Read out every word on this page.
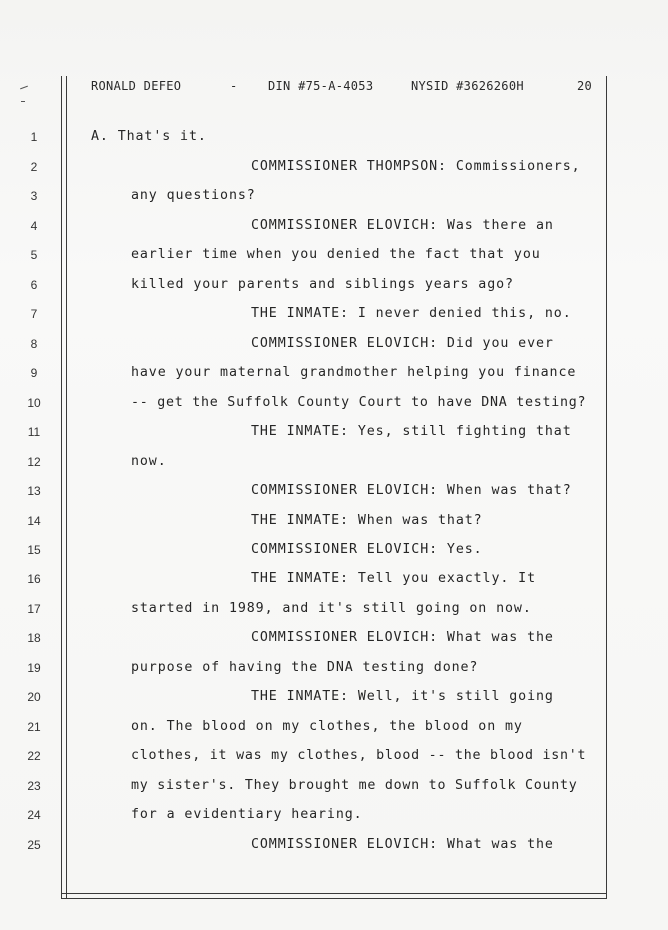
RONALD DEFEO	-	DIN #75-A-4053	NYSID #3626260H	20
1
2
3
4
5
6
7
8
9
10
11
12
13
14
15
16
17
18
19
20
21
22
23
24
25
A. That's it.
COMMISSIONER THOMPSON: Commissioners,
any questions?
COMMISSIONER ELOVICH: Was there an
earlier time when you denied the fact that you
killed your parents and siblings years ago?
THE INMATE: I never denied this, no.
COMMISSIONER ELOVICH: Did you ever
have your maternal grandmother helping you finance
-- get the Suffolk County Court to have DNA testing?
THE INMATE: Yes, still fighting that
now.
COMMISSIONER ELOVICH: When was that?
THE INMATE: When was that?
COMMISSIONER ELOVICH: Yes.
THE INMATE: Tell you exactly. It
started in 1989, and it's still going on now.
COMMISSIONER ELOVICH: What was the
purpose of having the DNA testing done?
THE INMATE: Well, it's still going
on. The blood on my clothes, the blood on my
clothes, it was my clothes, blood -- the blood isn't
my sister's. They brought me down to Suffolk County
for a evidentiary hearing.
COMMISSIONER ELOVICH: What was the
